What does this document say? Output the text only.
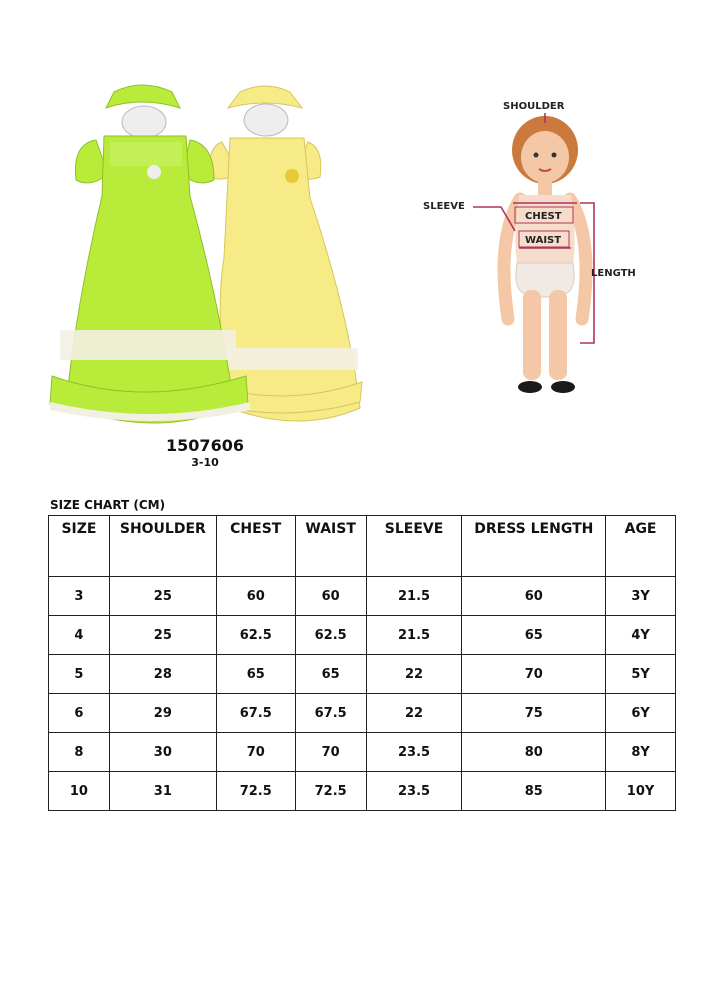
1507606
3-10
SHOULDER
SLEEVE
CHEST
WAIST
LENGTH
SIZE CHART (CM)
SIZE	SHOULDER	CHEST	WAIST	SLEEVE	DRESS LENGTH	AGE
3	25	60	60	21.5	60	3Y
4	25	62.5	62.5	21.5	65	4Y
5	28	65	65	22	70	5Y
6	29	67.5	67.5	22	75	6Y
8	30	70	70	23.5	80	8Y
10	31	72.5	72.5	23.5	85	10Y
